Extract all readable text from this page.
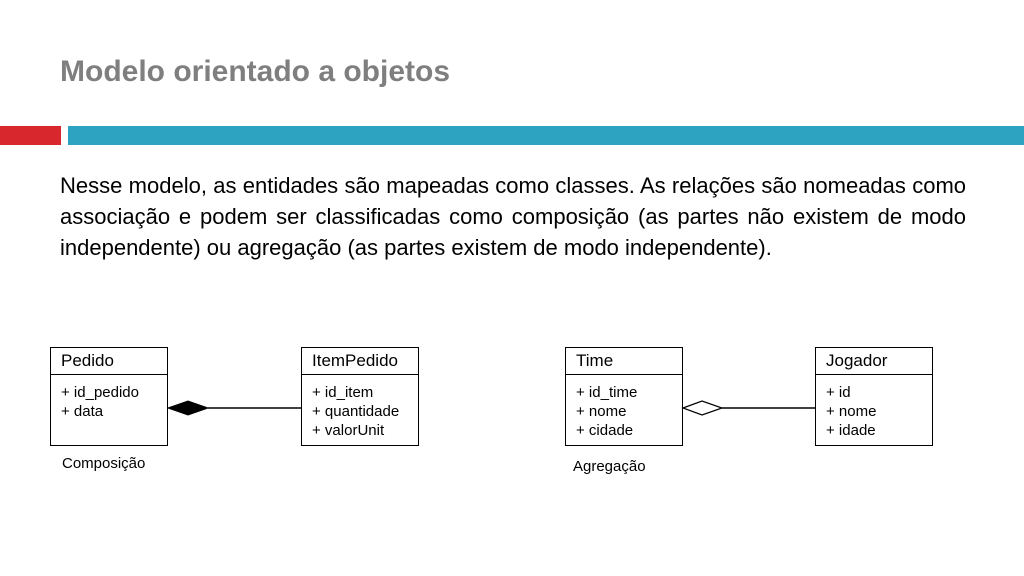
Modelo orientado a objetos

Nesse modelo, as entidades são mapeadas como classes. As relações são nomeadas como associação e podem ser classificadas como composição (as partes não existem de modo independente) ou agregação (as partes existem de modo independente).

Pedido
+ id_pedido
+ data
ItemPedido
+ id_item
+ quantidade
+ valorUnit
Composição
Time
+ id_time
+ nome
+ cidade
Jogador
+ id
+ nome
+ idade
Agregação
